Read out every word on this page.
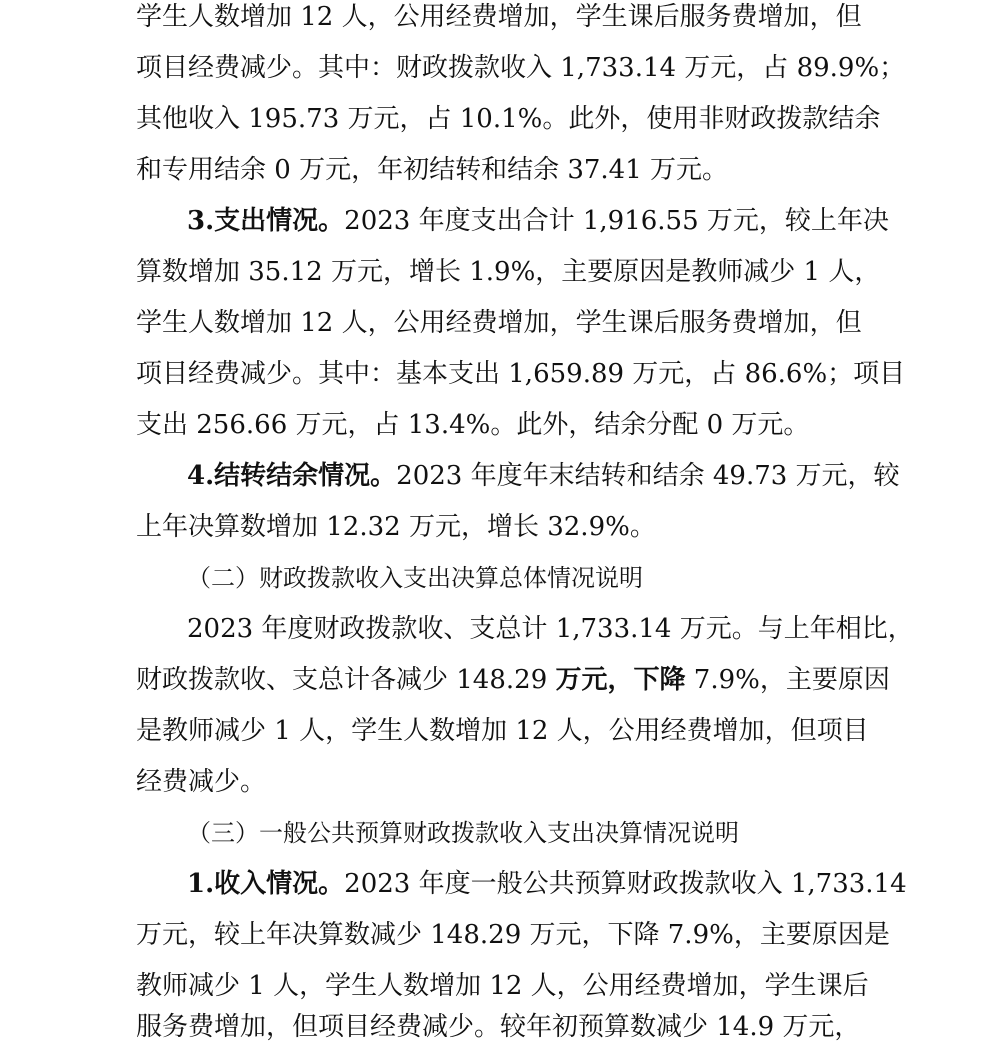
学生人数增加 12 人，公用经费增加，学生课后服务费增加，但
项目经费减少。其中：财政拨款收入 1,733.14 万元，占 89.9%；
其他收入 195.73 万元，占 10.1%。此外，使用非财政拨款结余
和专用结余 0 万元，年初结转和结余 37.41 万元。
3.支出情况。2023 年度支出合计 1,916.55 万元，较上年决
算数增加 35.12 万元，增长 1.9%，主要原因是教师减少 1 人，
学生人数增加 12 人，公用经费增加，学生课后服务费增加，但
项目经费减少。其中：基本支出 1,659.89 万元，占 86.6%；项目
支出 256.66 万元，占 13.4%。此外，结余分配 0 万元。
4.结转结余情况。2023 年度年末结转和结余 49.73 万元，较
上年决算数增加 12.32 万元，增长 32.9%。
（二）财政拨款收入支出决算总体情况说明
2023 年度财政拨款收、支总计 1,733.14 万元。与上年相比，
财政拨款收、支总计各减少 148.29 万元，下降 7.9%，主要原因
是教师减少 1 人，学生人数增加 12 人，公用经费增加，但项目
经费减少。
（三）一般公共预算财政拨款收入支出决算情况说明
1.收入情况。2023 年度一般公共预算财政拨款收入 1,733.14
万元，较上年决算数减少 148.29 万元，下降 7.9%，主要原因是
教师减少 1 人，学生人数增加 12 人，公用经费增加，学生课后
服务费增加，但项目经费减少。较年初预算数减少 14.9 万元，
